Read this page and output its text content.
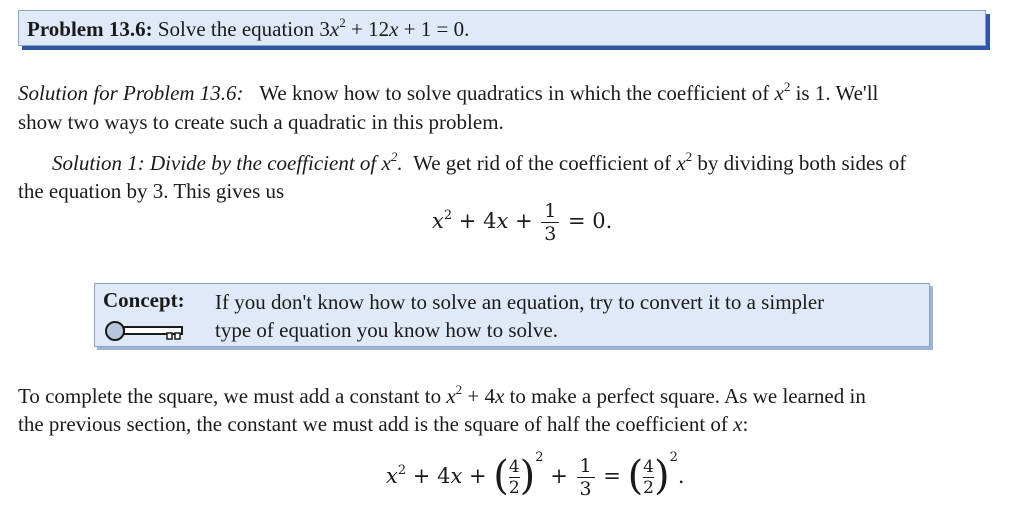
Problem 13.6: Solve the equation $3x^2 + 12x + 1 = 0$.
Solution for Problem 13.6: We know how to solve quadratics in which the coefficient of $x^2$ is 1. We'll
show two ways to create such a quadratic in this problem.
Solution 1: Divide by the coefficient of $x^2$. We get rid of the coefficient of $x^2$ by dividing both sides of
the equation by 3. This gives us
$x^2 + 4x + \frac{1}{3} = 0$.
Concept: If you don't know how to solve an equation, try to convert it to a simpler
type of equation you know how to solve.
To complete the square, we must add a constant to $x^2 + 4x$ to make a perfect square. As we learned in
the previous section, the constant we must add is the square of half the coefficient of x:
$x^2 + 4x$ + ( $\frac{4}{2} )^2 + \frac{1}{3}$ = ( $\frac{4}{2} )^2$.
